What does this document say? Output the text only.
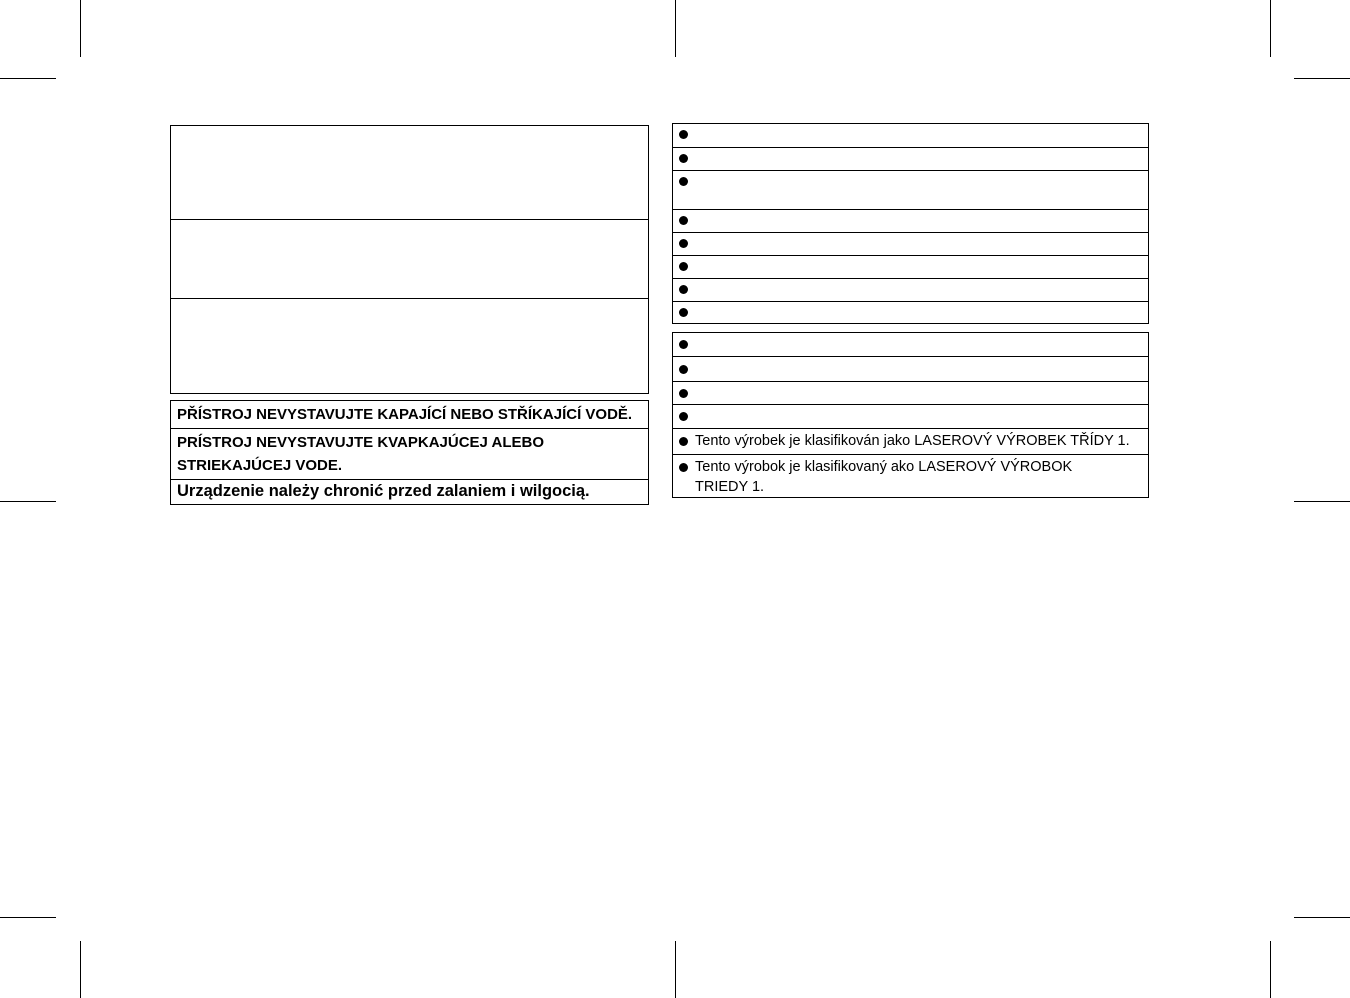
PŘÍSTROJ NEVYSTAVUJTE KAPAJÍCÍ NEBO STŘÍKAJÍCÍ VODĚ.
PRÍSTROJ NEVYSTAVUJTE KVAPKAJÚCEJ ALEBO
STRIEKAJÚCEJ VODE.
Urządzenie należy chronić przed zalaniem i wilgocią.
Tento výrobek je klasifikován jako LASEROVÝ VÝROBEK TŘÍDY 1.
Tento výrobok je klasifikovaný ako LASEROVÝ VÝROBOK
TRIEDY 1.
